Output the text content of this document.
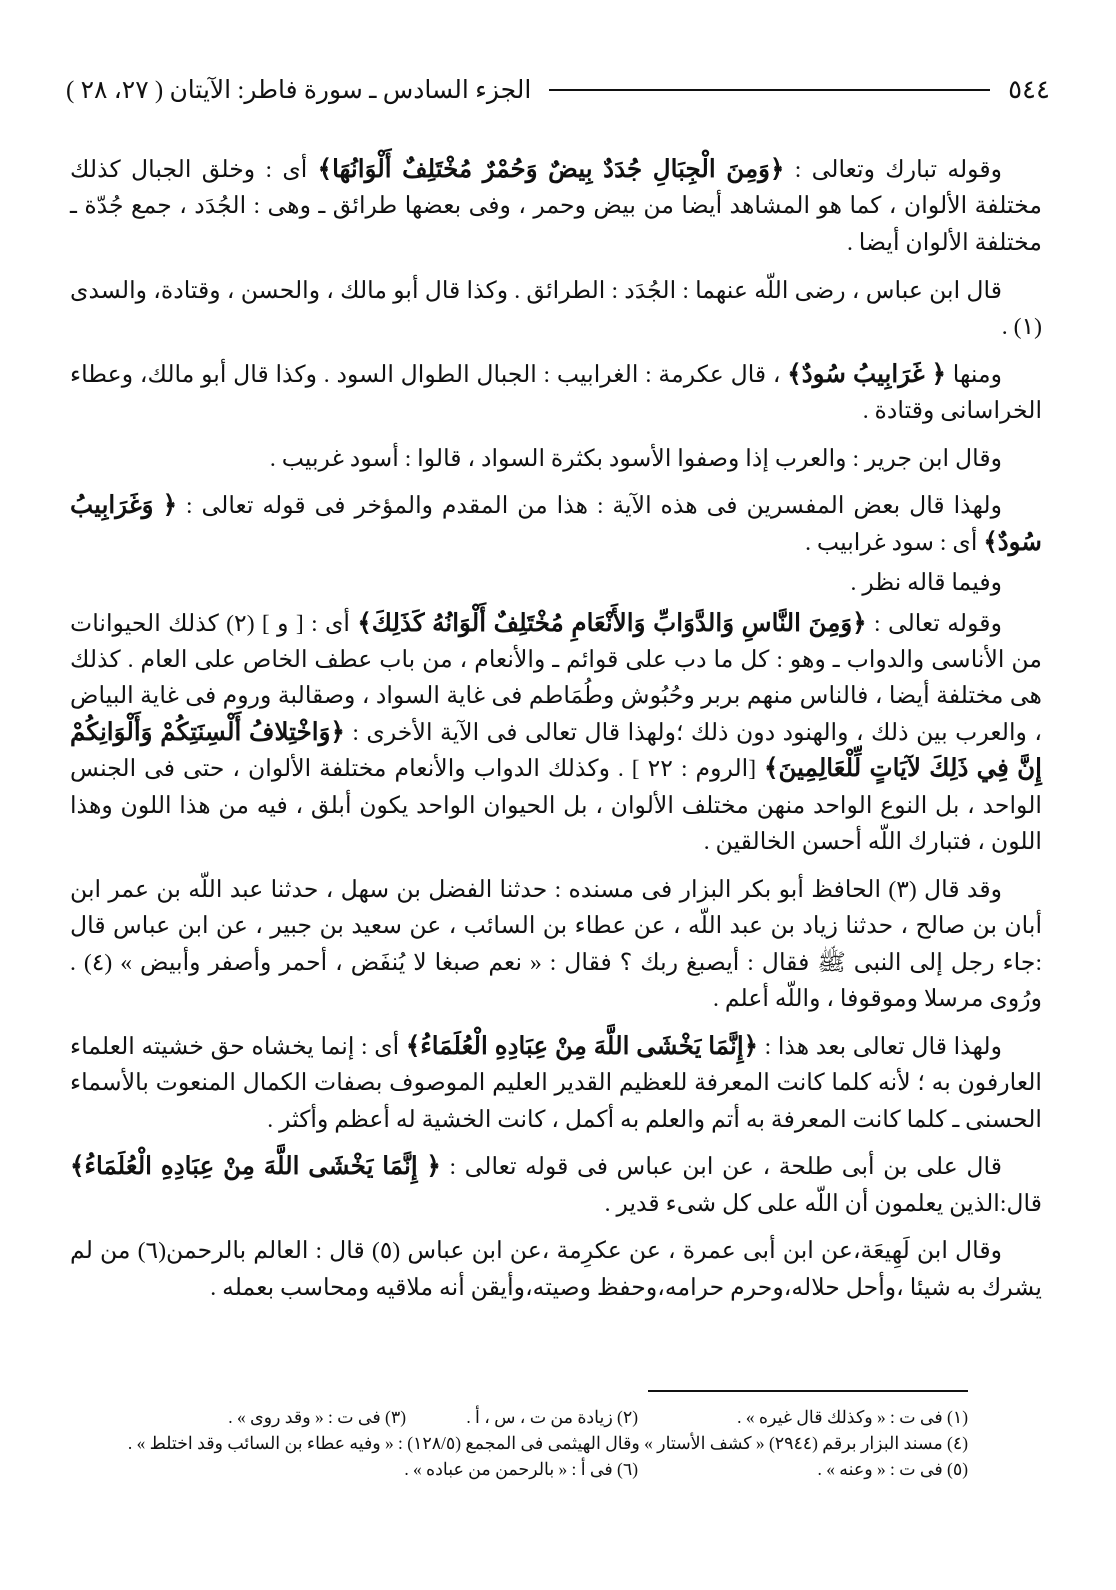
٥٤٤
الجزء السادس ـ سورة فاطر: الآيتان ( ٢٧، ٢٨ )

وقوله تبارك وتعالى : ﴿وَمِنَ الْجِبَالِ جُدَدٌ بِيضٌ وَحُمْرٌ مُخْتَلِفٌ أَلْوَانُهَا﴾ أى : وخلق الجبال كذلك مختلفة الألوان ، كما هو المشاهد أيضا من بيض وحمر ، وفى بعضها طرائق ـ وهى : الجُدَد ، جمع جُدّة ـ مختلفة الألوان أيضا .

قال ابن عباس ، رضى اللّه عنهما : الجُدَد : الطرائق . وكذا قال أبو مالك ، والحسن ، وقتادة، والسدى (١) .

ومنها ﴿ غَرَابِيبُ سُودٌ﴾ ، قال عكرمة : الغرابيب : الجبال الطوال السود . وكذا قال أبو مالك، وعطاء الخراسانى وقتادة .

وقال ابن جرير : والعرب إذا وصفوا الأسود بكثرة السواد ، قالوا : أسود غربيب .

ولهذا قال بعض المفسرين فى هذه الآية : هذا من المقدم والمؤخر فى قوله تعالى : ﴿ وَغَرَابِيبُ سُودٌ﴾ أى : سود غرابيب .

وفيما قاله نظر .

وقوله تعالى : ﴿وَمِنَ النَّاسِ وَالدَّوَابِّ وَالأَنْعَامِ مُخْتَلِفٌ أَلْوَانُهُ كَذَلِكَ﴾ أى : [ و ] (٢) كذلك الحيوانات من الأناسى والدواب ـ وهو : كل ما دب على قوائم ـ والأنعام ، من باب عطف الخاص على العام . كذلك هى مختلفة أيضا ، فالناس منهم بربر وحُبُوش وطُمَاطم فى غاية السواد ، وصقالبة وروم فى غاية البياض ، والعرب بين ذلك ، والهنود دون ذلك ؛ولهذا قال تعالى فى الآية الأخرى : ﴿وَاخْتِلافُ أَلْسِنَتِكُمْ وَأَلْوَانِكُمْ إِنَّ فِي ذَلِكَ لآيَاتٍ لِّلْعَالِمِينَ﴾ [الروم : ٢٢ ] . وكذلك الدواب والأنعام مختلفة الألوان ، حتى فى الجنس الواحد ، بل النوع الواحد منهن مختلف الألوان ، بل الحيوان الواحد يكون أبلق ، فيه من هذا اللون وهذا اللون ، فتبارك اللّه أحسن الخالقين .

وقد قال (٣) الحافظ أبو بكر البزار فى مسنده : حدثنا الفضل بن سهل ، حدثنا عبد اللّه بن عمر ابن أبان بن صالح ، حدثنا زياد بن عبد اللّه ، عن عطاء بن السائب ، عن سعيد بن جبير ، عن ابن عباس قال :جاء رجل إلى النبى ﷺ فقال : أيصبغ ربك ؟ فقال : « نعم صبغا لا يُنفَض ، أحمر وأصفر وأبيض » (٤) . ورُوى مرسلا وموقوفا ، واللّه أعلم .

ولهذا قال تعالى بعد هذا : ﴿إِنَّمَا يَخْشَى اللَّهَ مِنْ عِبَادِهِ الْعُلَمَاءُ﴾ أى : إنما يخشاه حق خشيته العلماء العارفون به ؛ لأنه كلما كانت المعرفة للعظيم القدير العليم الموصوف بصفات الكمال المنعوت بالأسماء الحسنى ـ كلما كانت المعرفة به أتم والعلم به أكمل ، كانت الخشية له أعظم وأكثر .

قال على بن أبى طلحة ، عن ابن عباس فى قوله تعالى : ﴿ إِنَّمَا يَخْشَى اللَّهَ مِنْ عِبَادِهِ الْعُلَمَاءُ﴾ قال:الذين يعلمون أن اللّه على كل شىء قدير .

وقال ابن لَهِيعَة،عن ابن أبى عمرة ، عن عكرِمة ،عن ابن عباس (٥) قال : العالم بالرحمن(٦) من لم يشرك به شيئا ،وأحل حلاله،وحرم حرامه،وحفظ وصيته،وأيقن أنه ملاقيه ومحاسب بعمله .

(١) فى ت : « وكذلك قال غيره » .
(٢) زيادة من ت ، س ، أ .
(٣) فى ت : « وقد روى » .
(٤) مسند البزار برقم (٢٩٤٤) « كشف الأستار » وقال الهيثمى فى المجمع (١٢٨/٥) : « وفيه عطاء بن السائب وقد اختلط » .
(٥) فى ت : « وعنه » .
(٦) فى أ : « بالرحمن من عباده » .
